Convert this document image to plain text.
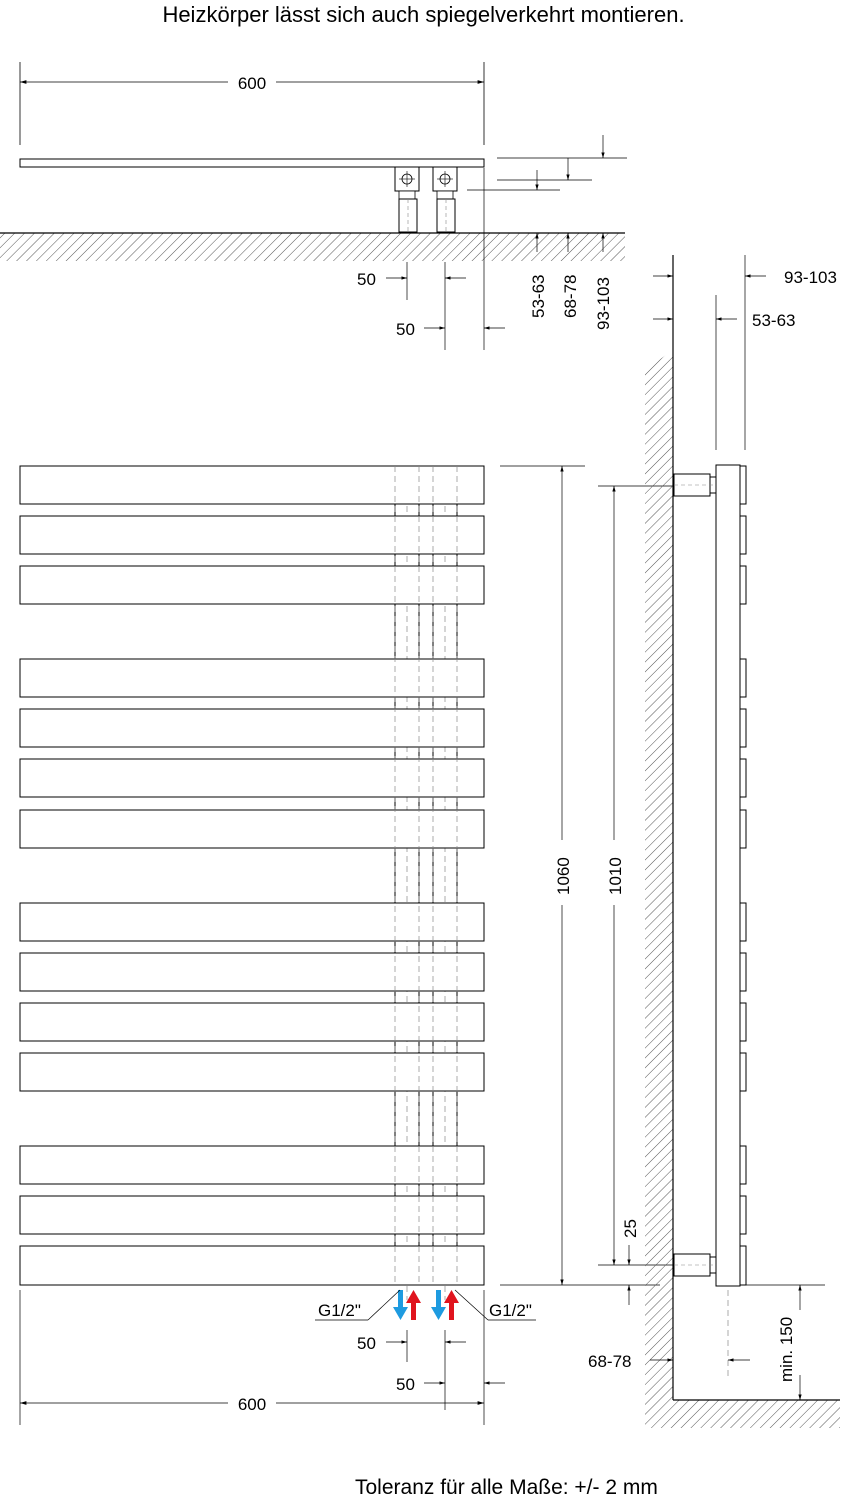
Heizkörper lässt sich auch spiegelverkehrt montieren.
600
53-63 68-78 93-103
50
50
G1/2"	G1/2"
50
50
600
1060 1010
25
93-103
53-63
68-78	min. 150
Toleranz für alle Maße: +/- 2 mm
